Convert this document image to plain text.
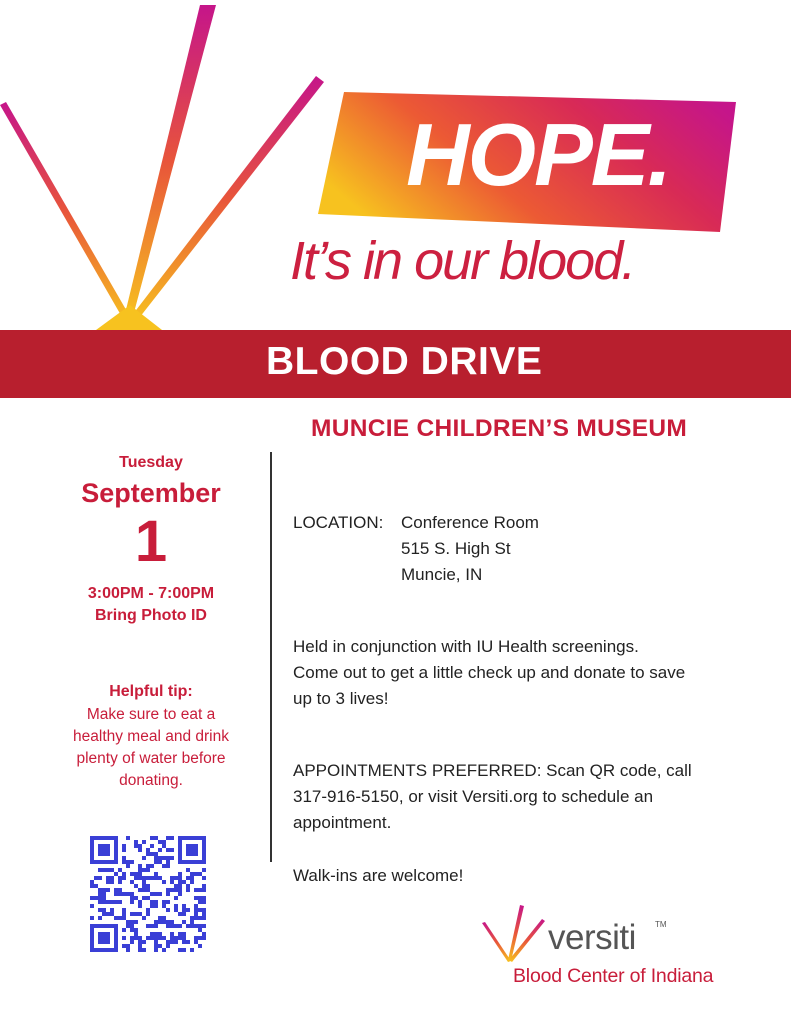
HOPE.
It’s in our blood.
BLOOD DRIVE
MUNCIE CHILDREN’S MUSEUM
Tuesday
September
1
3:00PM - 7:00PM
Bring Photo ID
Helpful tip:
Make sure to eat a
healthy meal and drink
plenty of water before
donating.
LOCATION:	Conference Room
515 S. High St
Muncie, IN
Held in conjunction with IU Health screenings.
Come out to get a little check up and donate to save
up to 3 lives!
APPOINTMENTS PREFERRED: Scan QR code, call
317-916-5150, or visit Versiti.org to schedule an
appointment.
Walk-ins are welcome!
versiti TM
Blood Center of Indiana
